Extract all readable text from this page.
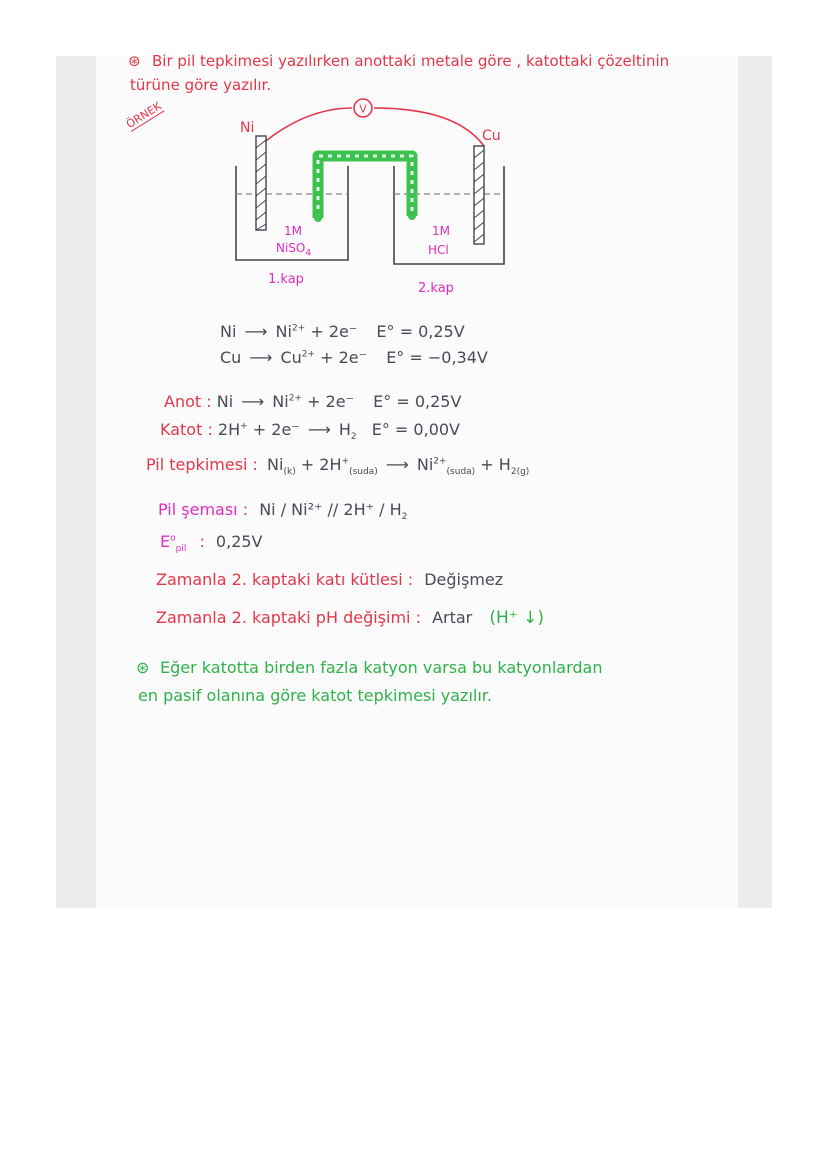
⊛ Bir pil tepkimesi yazılırken anottaki metale göre , katottaki çözeltinin
türüne göre yazılır.
ÖRNEK	V
Ni	Cu
1M
NiSO$_4$
1M
HCl
1.kap
2.kap
Ni ⟶ $Ni^{2+} + 2e^-$ E° = 0,25V
Cu ⟶ $Cu^{2+} + 2e^-$ E° = −0,34V
Anot : Ni ⟶ $Ni^{2+} + 2e^-$ E° = 0,25V
Katot : 2H+ + 2e⁻ ⟶ $H_2$ E° = 0,00V
Pil tepkimesi : $Ni_{(k)} + 2H^+_{(suda)}$ ⟶ $Ni^{2+}_{(suda)} + H_{2(g)}$
Pil şeması : Ni / $Ni^{2+} // 2H^+ / H_2$
$E^o_{pil}$ : 0,25V
Zamanla 2. kaptaki katı kütlesi : Değişmez
Zamanla 2. kaptaki pH değişimi : Artar (H⁺ ↓)
⊛ Eğer katotta birden fazla katyon varsa bu katyonlardan
en pasif olanına göre katot tepkimesi yazılır.
